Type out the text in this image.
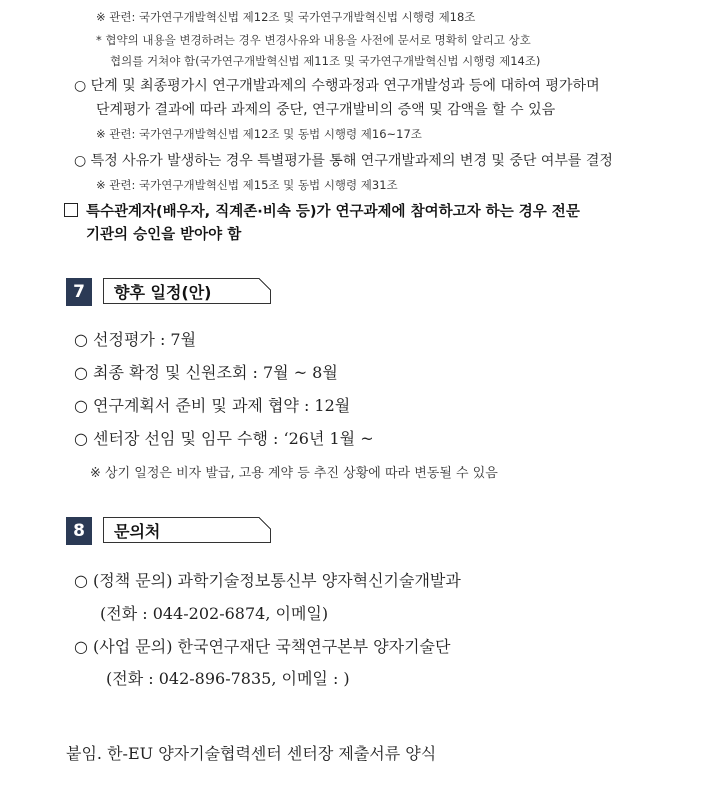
※ 관련: 국가연구개발혁신법 제12조 및 국가연구개발혁신법 시행령 제18조
* 협약의 내용을 변경하려는 경우 변경사유와 내용을 사전에 문서로 명확히 알리고 상호
협의를 거쳐야 함(국가연구개발혁신법 제11조 및 국가연구개발혁신법 시행령 제14조)
○ 단계 및 최종평가시 연구개발과제의 수행과정과 연구개발성과 등에 대하여 평가하며
단계평가 결과에 따라 과제의 중단, 연구개발비의 증액 및 감액을 할 수 있음
※ 관련: 국가연구개발혁신법 제12조 및 동법 시행령 제16~17조
○ 특정 사유가 발생하는 경우 특별평가를 통해 연구개발과제의 변경 및 중단 여부를 결정
※ 관련: 국가연구개발혁신법 제15조 및 동법 시행령 제31조
특수관계자(배우자, 직계존·비속 등)가 연구과제에 참여하고자 하는 경우 전문
기관의 승인을 받아야 함
7	향후 일정(안)
○ 선정평가 : 7월
○ 최종 확정 및 신원조회 : 7월 ~ 8월
○ 연구계획서 준비 및 과제 협약 : 12월
○ 센터장 선임 및 임무 수행 : ‘26년 1월 ~
※ 상기 일정은 비자 발급, 고용 계약 등 추진 상황에 따라 변동될 수 있음
8	문의처
○ (정책 문의) 과학기술정보통신부 양자혁신기술개발과
(전화 : 044-202-6874, 이메일)
○ (사업 문의) 한국연구재단 국책연구본부 양자기술단
(전화 : 042-896-7835, 이메일 : )
붙임. 한-EU 양자기술협력센터 센터장 제출서류 양식
